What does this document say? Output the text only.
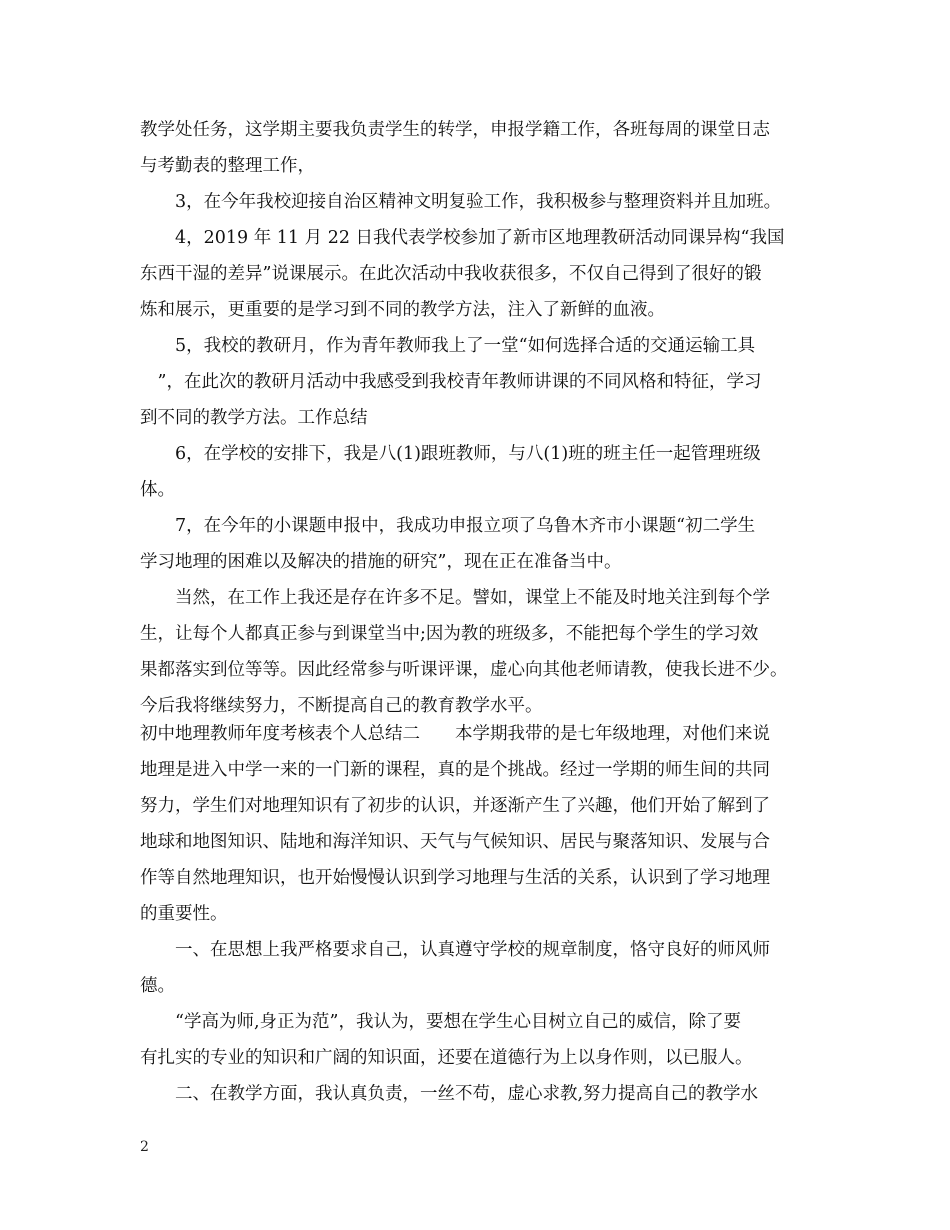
教学处任务，这学期主要我负责学生的转学，申报学籍工作，各班每周的课堂日志
与考勤表的整理工作，
　　3，在今年我校迎接自治区精神文明复验工作，我积极参与整理资料并且加班。
　　4，2019 年 11 月 22 日我代表学校参加了新市区地理教研活动同课异构“我国
东西干湿的差异”说课展示。在此次活动中我收获很多，不仅自己得到了很好的锻
炼和展示，更重要的是学习到不同的教学方法，注入了新鲜的血液。
　　5，我校的教研月，作为青年教师我上了一堂“如何选择合适的交通运输工具
　”，在此次的教研月活动中我感受到我校青年教师讲课的不同风格和特征，学习
到不同的教学方法。工作总结
　　6，在学校的安排下，我是八(1)跟班教师，与八(1)班的班主任一起管理班级
体。
　　7，在今年的小课题申报中，我成功申报立项了乌鲁木齐市小课题“初二学生
学习地理的困难以及解决的措施的研究”，现在正在准备当中。
　　当然，在工作上我还是存在许多不足。譬如，课堂上不能及时地关注到每个学
生，让每个人都真正参与到课堂当中;因为教的班级多，不能把每个学生的学习效
果都落实到位等等。因此经常参与听课评课，虚心向其他老师请教，使我长进不少。
今后我将继续努力，不断提高自己的教育教学水平。
初中地理教师年度考核表个人总结二　　本学期我带的是七年级地理，对他们来说
地理是进入中学一来的一门新的课程，真的是个挑战。经过一学期的师生间的共同
努力，学生们对地理知识有了初步的认识，并逐渐产生了兴趣，他们开始了解到了
地球和地图知识、陆地和海洋知识、天气与气候知识、居民与聚落知识、发展与合
作等自然地理知识，也开始慢慢认识到学习地理与生活的关系，认识到了学习地理
的重要性。
　　一、在思想上我严格要求自己，认真遵守学校的规章制度，恪守良好的师风师
德。
　　“学高为师,身正为范”，我认为，要想在学生心目树立自己的威信，除了要
有扎实的专业的知识和广阔的知识面，还要在道德行为上以身作则，以已服人。
　　二、在教学方面，我认真负责，一丝不苟，虚心求教,努力提高自己的教学水
2
